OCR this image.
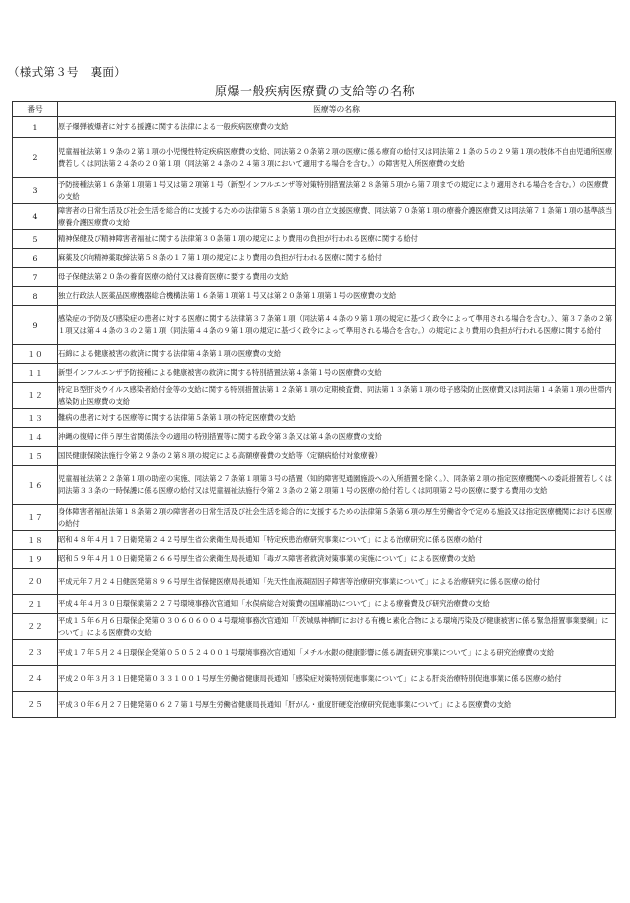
（様式第３号　裏面）
原爆一般疾病医療費の支給等の名称
番号	医療等の名称
1	原子爆弾被爆者に対する援護に関する法律による一般疾病医療費の支給
2	児童福祉法第１９条の２第１項の小児慢性特定疾病医療費の支給、同法第２０条第２項の医療に係る療育の給付又は同法第２１条の５の２９第１項の肢体不自由児通所医療費若しくは同法第２４条の２０第１項（同法第２４条の２４第３項において適用する場合を含む。）の障害児入所医療費の支給
3	予防接種法第１６条第１項第１号又は第２項第１号（新型インフルエンザ等対策特別措置法第２８条第５項から第７項までの規定により適用される場合を含む。）の医療費の支給
4	障害者の日常生活及び社会生活を総合的に支援するための法律第５８条第１項の自立支援医療費、同法第７０条第１項の療養介護医療費又は同法第７１条第１項の基準該当療養介護医療費の支給
5	精神保健及び精神障害者福祉に関する法律第３０条第１項の規定により費用の負担が行われる医療に関する給付
6	麻薬及び向精神薬取締法第５８条の１７第１項の規定により費用の負担が行われる医療に関する給付
7	母子保健法第２０条の養育医療の給付又は養育医療に要する費用の支給
8	独立行政法人医薬品医療機器総合機構法第１６条第１項第１号又は第２０条第１項第１号の医療費の支給
9	感染症の予防及び感染症の患者に対する医療に関する法律第３７条第１項（同法第４４条の９第１項の規定に基づく政令によって準用される場合を含む。）、第３７条の２第１項又は第４４条の３の２第１項（同法第４４条の９第１項の規定に基づく政令によって準用される場合を含む。）の規定により費用の負担が行われる医療に関する給付
１０	石綿による健康被害の救済に関する法律第４条第１項の医療費の支給
１１	新型インフルエンザ予防接種による健康被害の救済に関する特別措置法第４条第１号の医療費の支給
１２	特定Ｂ型肝炎ウイルス感染者給付金等の支給に関する特別措置法第１２条第１項の定期検査費、同法第１３条第１項の母子感染防止医療費又は同法第１４条第１項の世帯内感染防止医療費の支給
１３	難病の患者に対する医療等に関する法律第５条第１項の特定医療費の支給
１４	沖縄の復帰に伴う厚生省関係法令の適用の特別措置等に関する政令第３条又は第４条の医療費の支給
１５	国民健康保険法施行令第２９条の２第８項の規定による高額療養費の支給等（定額病給付対象療養）
１６	児童福祉法第２２条第１項の助産の実施、同法第２７条第１項第３号の措置（知的障害児通園施設への入所措置を除く。）、同条第２項の指定医療機関への委託措置若しくは同法第３３条の一時保護に係る医療の給付又は児童福祉法施行令第２３条の２第２項第１号の医療の給付若しくは同項第２号の医療に要する費用の支給
１７	身体障害者福祉法第１８条第２項の障害者の日常生活及び社会生活を総合的に支援するための法律第５条第６項の厚生労働省令で定める施設又は指定医療機関における医療の給付
１８	昭和４８年４月１７日衛発第２４２号厚生省公衆衛生局長通知「特定疾患治療研究事業について」による治療研究に係る医療の給付
１９	昭和５９年４月１０日衛発第２６６号厚生省公衆衛生局長通知「毒ガス障害者救済対策事業の実施について」による医療費の支給
２０	平成元年７月２４日健医発第８９６号厚生省保健医療局長通知「先天性血液凝固因子障害等治療研究事業について」による治療研究に係る医療の給付
２１	平成４年４月３０日環保業第２２７号環境事務次官通知「水俣病総合対策費の国庫補助について」による療養費及び研究治療費の支給
２２	平成１５年６月６日環保企発第０３０６０６００４号環境事務次官通知「「茨城県神栖町における有機ヒ素化合物による環境汚染及び健康被害に係る緊急措置事業要綱」について」による医療費の支給
２３	平成１７年５月２４日環保企発第０５０５２４００１号環境事務次官通知「メチル水銀の健康影響に係る調査研究事業について」による研究治療費の支給
２４	平成２０年３月３１日健発第０３３１００１号厚生労働省健康局長通知「感染症対策特別促進事業について」による肝炎治療特別促進事業に係る医療の給付
２５	平成３０年６月２７日健発第０６２７第１号厚生労働省健康局長通知「肝がん・重度肝硬変治療研究促進事業について」による医療費の支給
